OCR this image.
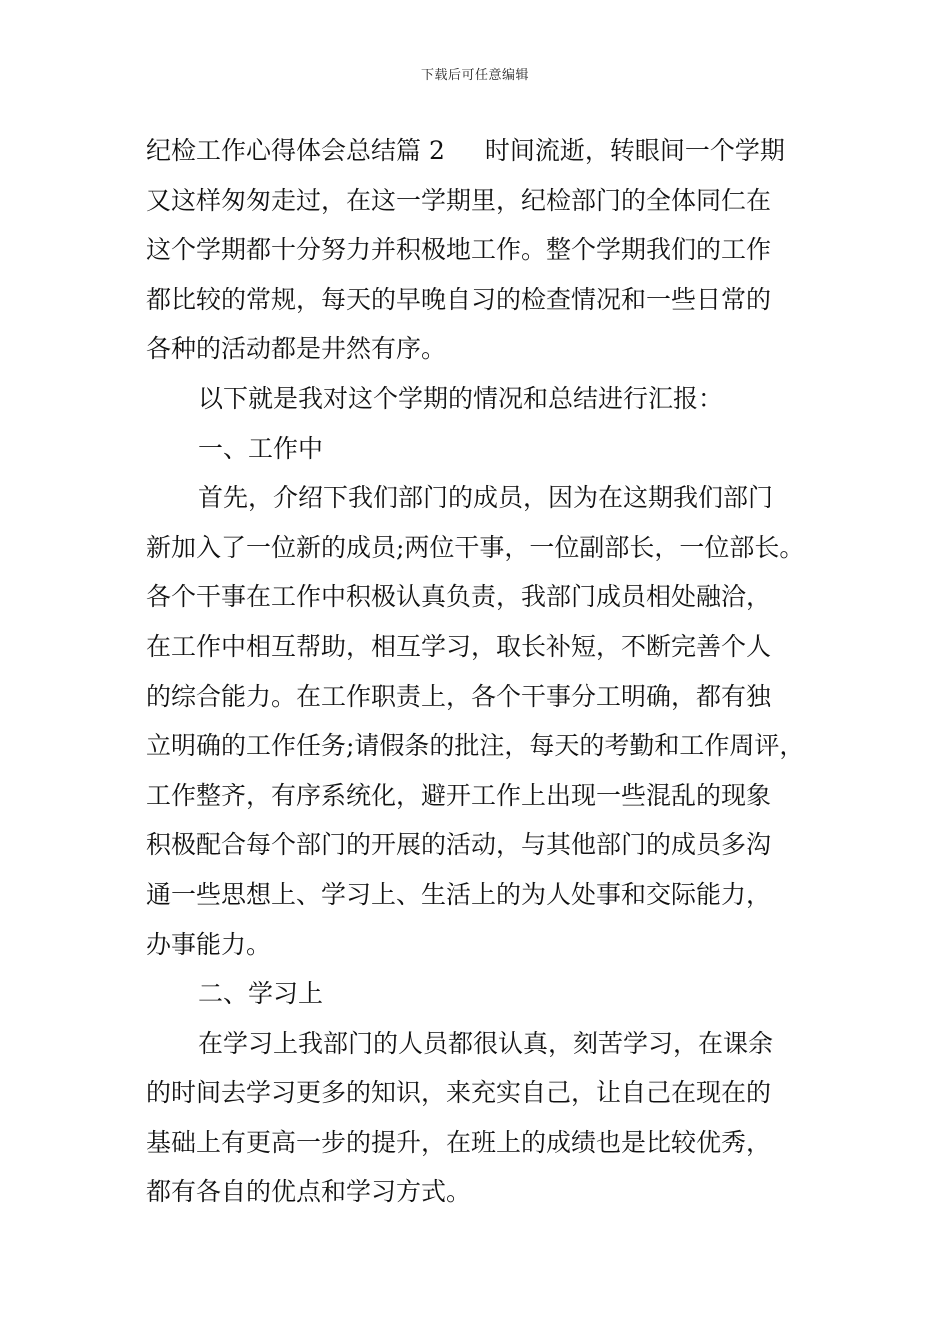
下载后可任意编辑
纪检工作心得体会总结篇 2 时间流逝，转眼间一个学期
又这样匆匆走过，在这一学期里，纪检部门的全体同仁在
这个学期都十分努力并积极地工作。整个学期我们的工作
都比较的常规，每天的早晚自习的检查情况和一些日常的
各种的活动都是井然有序。
以下就是我对这个学期的情况和总结进行汇报：
一、工作中
首先，介绍下我们部门的成员，因为在这期我们部门
新加入了一位新的成员;两位干事，一位副部长，一位部长。
各个干事在工作中积极认真负责，我部门成员相处融洽，
在工作中相互帮助，相互学习，取长补短，不断完善个人
的综合能力。在工作职责上，各个干事分工明确，都有独
立明确的工作任务;请假条的批注，每天的考勤和工作周评，
工作整齐，有序系统化，避开工作上出现一些混乱的现象
积极配合每个部门的开展的活动，与其他部门的成员多沟
通一些思想上、学习上、生活上的为人处事和交际能力，
办事能力。
二、学习上
在学习上我部门的人员都很认真，刻苦学习，在课余
的时间去学习更多的知识，来充实自己，让自己在现在的
基础上有更高一步的提升，在班上的成绩也是比较优秀，
都有各自的优点和学习方式。
